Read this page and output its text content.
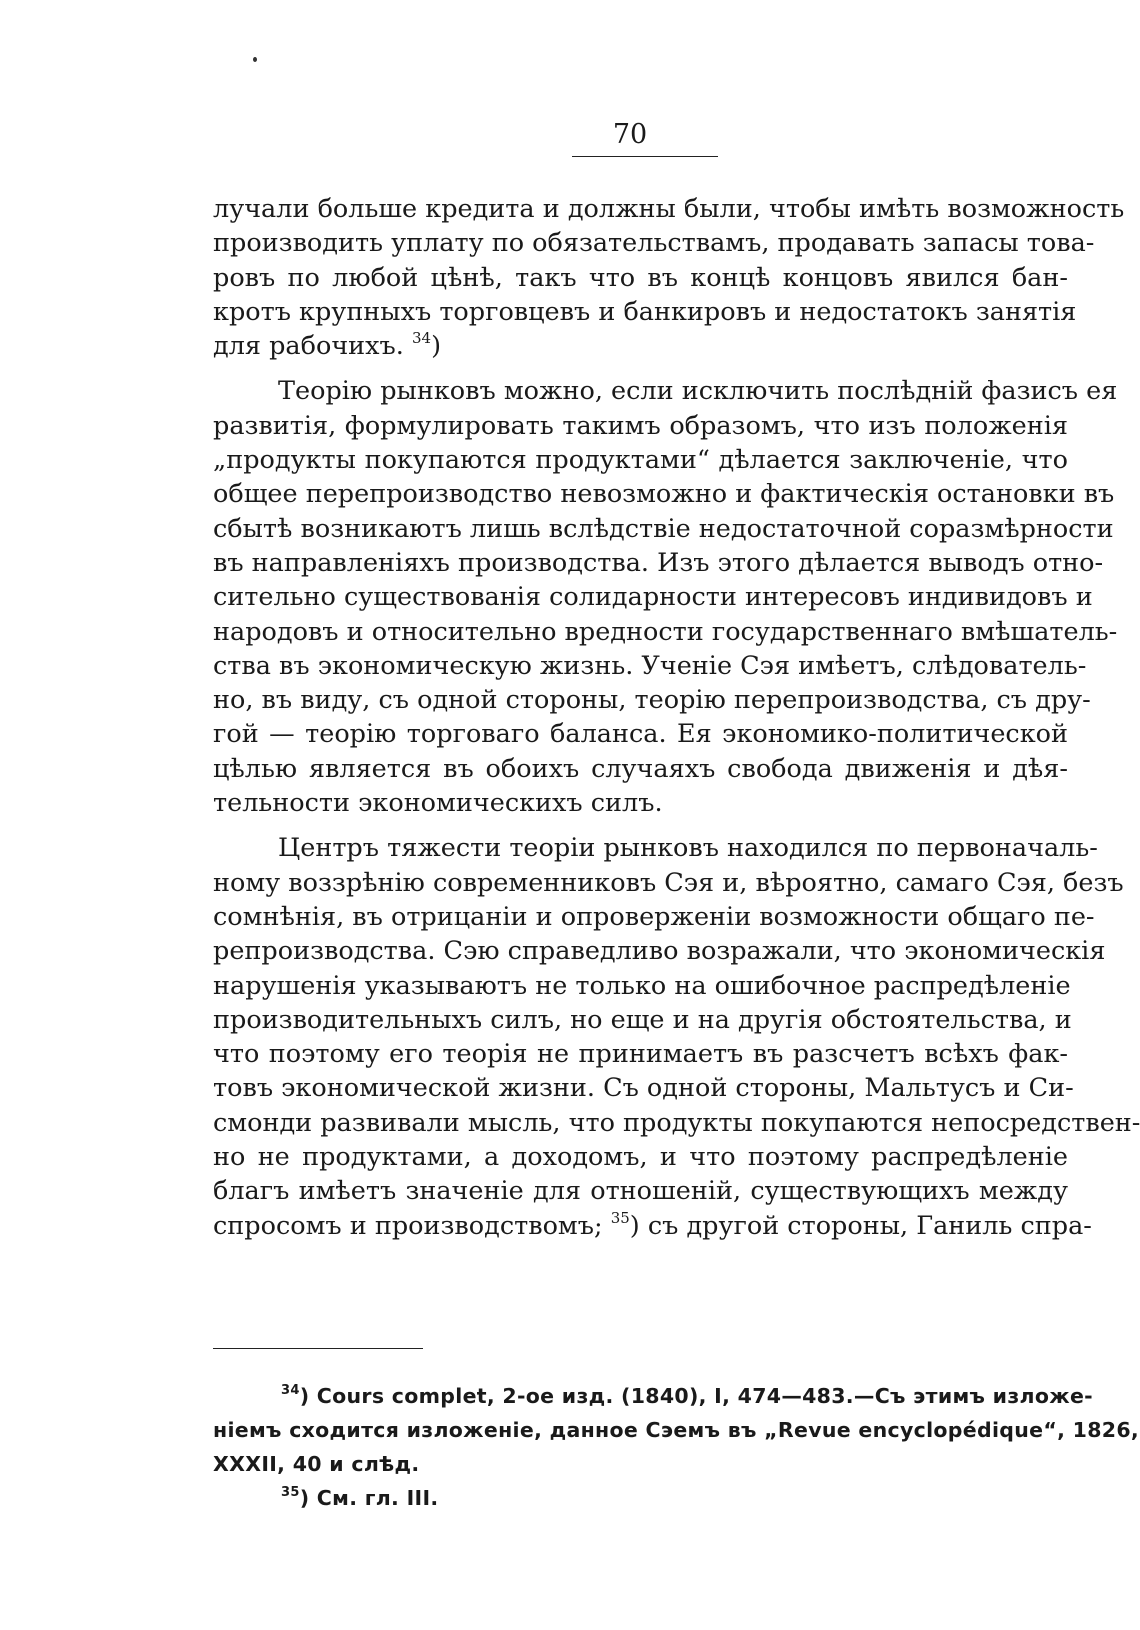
70
лучали больше кредита и должны были, чтобы имѣть возможность
производить уплату по обязательствамъ, продавать запасы това-
ровъ по любой цѣнѣ, такъ что въ концѣ концовъ явился бан-
кротъ крупныхъ торговцевъ и банкировъ и недостатокъ занятія
для рабочихъ. $^{34}$)
Теорію рынковъ можно, если исключить послѣдній фазисъ ея
развитія, формулировать такимъ образомъ, что изъ положенія
„продукты покупаются продуктами“ дѣлается заключеніе, что
общее перепроизводство невозможно и фактическія остановки въ
сбытѣ возникаютъ лишь вслѣдствіе недостаточной соразмѣрности
въ направленіяхъ производства. Изъ этого дѣлается выводъ отно-
сительно существованія солидарности интересовъ индивидовъ и
народовъ и относительно вредности государственнаго вмѣшатель-
ства въ экономическую жизнь. Ученіе Сэя имѣетъ, слѣдователь-
но, въ виду, съ одной стороны, теорію перепроизводства, съ дру-
гой — теорію торговаго баланса. Ея экономико-политической
цѣлью является въ обоихъ случаяхъ свобода движенія и дѣя-
тельности экономическихъ силъ.
Центръ тяжести теоріи рынковъ находился по первоначаль-
ному воззрѣнію современниковъ Сэя и, вѣроятно, самаго Сэя, безъ
сомнѣнія, въ отрицаніи и опроверженіи возможности общаго пе-
репроизводства. Сэю справедливо возражали, что экономическія
нарушенія указываютъ не только на ошибочное распредѣленіе
производительныхъ силъ, но еще и на другія обстоятельства, и
что поэтому его теорія не принимаетъ въ разсчетъ всѣхъ фак-
товъ экономической жизни. Съ одной стороны, Мальтусъ и Си-
смонди развивали мысль, что продукты покупаются непосредствен-
но не продуктами, а доходомъ, и что поэтому распредѣленіе
благъ имѣетъ значеніе для отношеній, существующихъ между
спросомъ и производствомъ; $^{35}$) съ другой стороны, Ганиль спра-
$^{34}$) Cours complet, 2-ое изд. (1840), I, 474—483.—Съ этимъ изложе-
ніемъ сходится изложеніе, данное Сэемъ въ „Revue encyclopédique“, 1826,
XXXII, 40 и слѣд.
$^{35}$) См. гл. III.
